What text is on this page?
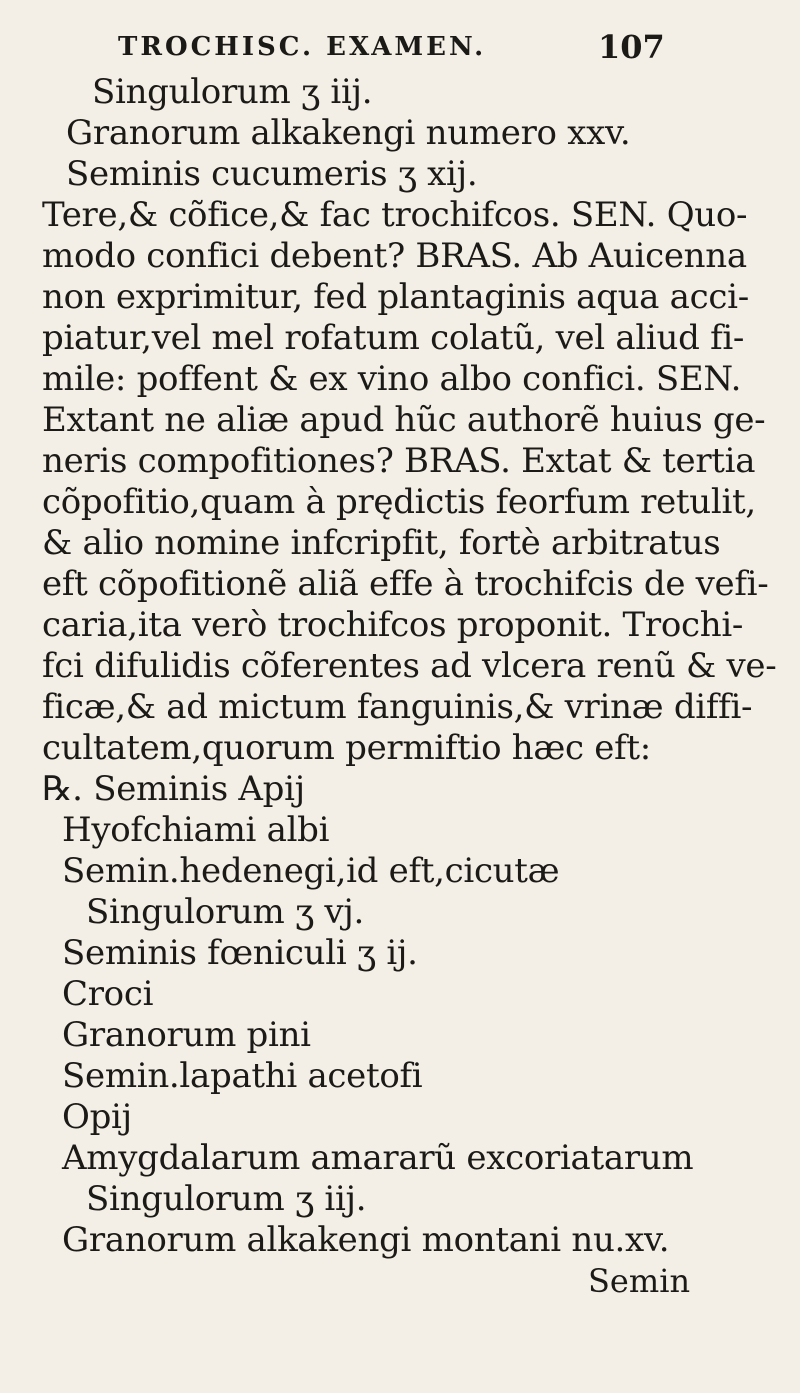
TROCHISC. EXAMEN.	107
Singulorum ʒ iij.
Granorum alkakengi numero xxv.
Seminis cucumeris ʒ xij.
Tere,& cõfice,& fac trochifcos. SEN. Quo-
modo confici debent? BRAS. Ab Auicenna
non exprimitur, fed plantaginis aqua acci-
piatur,vel mel rofatum colatũ, vel aliud fi-
mile: poffent & ex vino albo confici. SEN.
Extant ne aliæ apud hũc authorẽ huius ge-
neris compofitiones? BRAS. Extat & tertia
cõpofitio,quam à prędictis feorfum retulit,
& alio nomine infcripfit, fortè arbitratus
eft cõpofitionẽ aliã effe à trochifcis de vefi-
caria,ita verò trochifcos proponit. Trochi-
fci difulidis cõferentes ad vlcera renũ & ve-
ficæ,& ad mictum fanguinis,& vrinæ diffi-
cultatem,quorum permiftio hæc eft:
℞. Seminis Apij
Hyofchiami albi
Semin.hedenegi,id eft,cicutæ
Singulorum ʒ vj.
Seminis fœniculi ʒ ij.
Croci
Granorum pini
Semin.lapathi acetofi
Opij
Amygdalarum amararũ excoriatarum
Singulorum ʒ iij.
Granorum alkakengi montani nu.xv.
Semin
